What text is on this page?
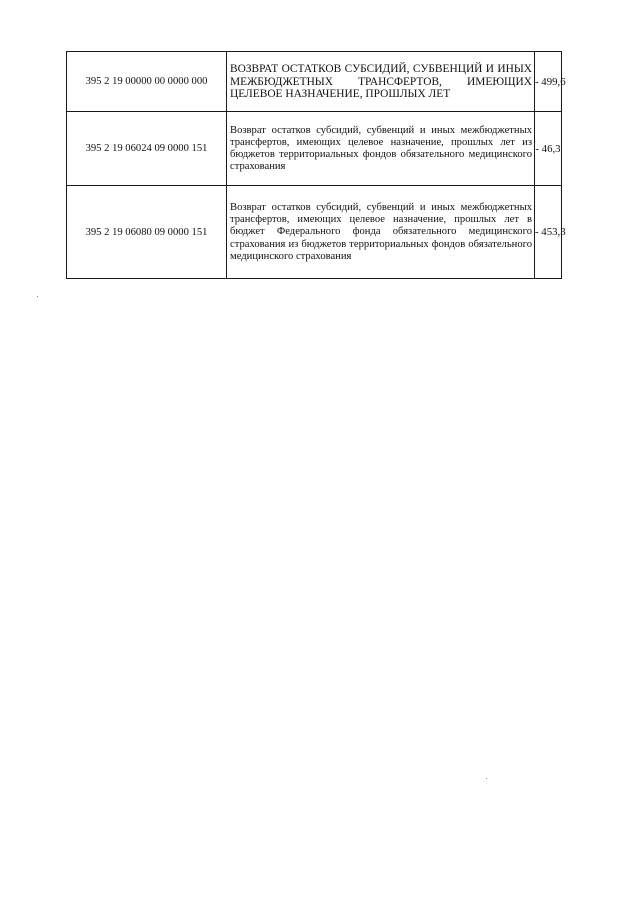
395 2 19 00000 00 0000 000	ВОЗВРАТ ОСТАТКОВ СУБСИДИЙ, СУБВЕНЦИЙ И ИНЫХ МЕЖБЮДЖЕТНЫХ ТРАНСФЕРТОВ, ИМЕЮЩИХ ЦЕЛЕВОЕ НАЗНАЧЕНИЕ, ПРОШЛЫХ ЛЕТ	- 499,6
395 2 19 06024 09 0000 151	Возврат остатков субсидий, субвенций и иных межбюджетных трансфертов, имеющих целевое назначение, прошлых лет из бюджетов территориальных фондов обязательного медицинского страхования	- 46,3
395 2 19 06080 09 0000 151	Возврат остатков субсидий, субвенций и иных межбюджетных трансфертов, имеющих целевое назначение, прошлых лет в бюджет Федерального фонда обязательного медицинского страхования из бюджетов территориальных фондов обязательного медицинского страхования	- 453,3
